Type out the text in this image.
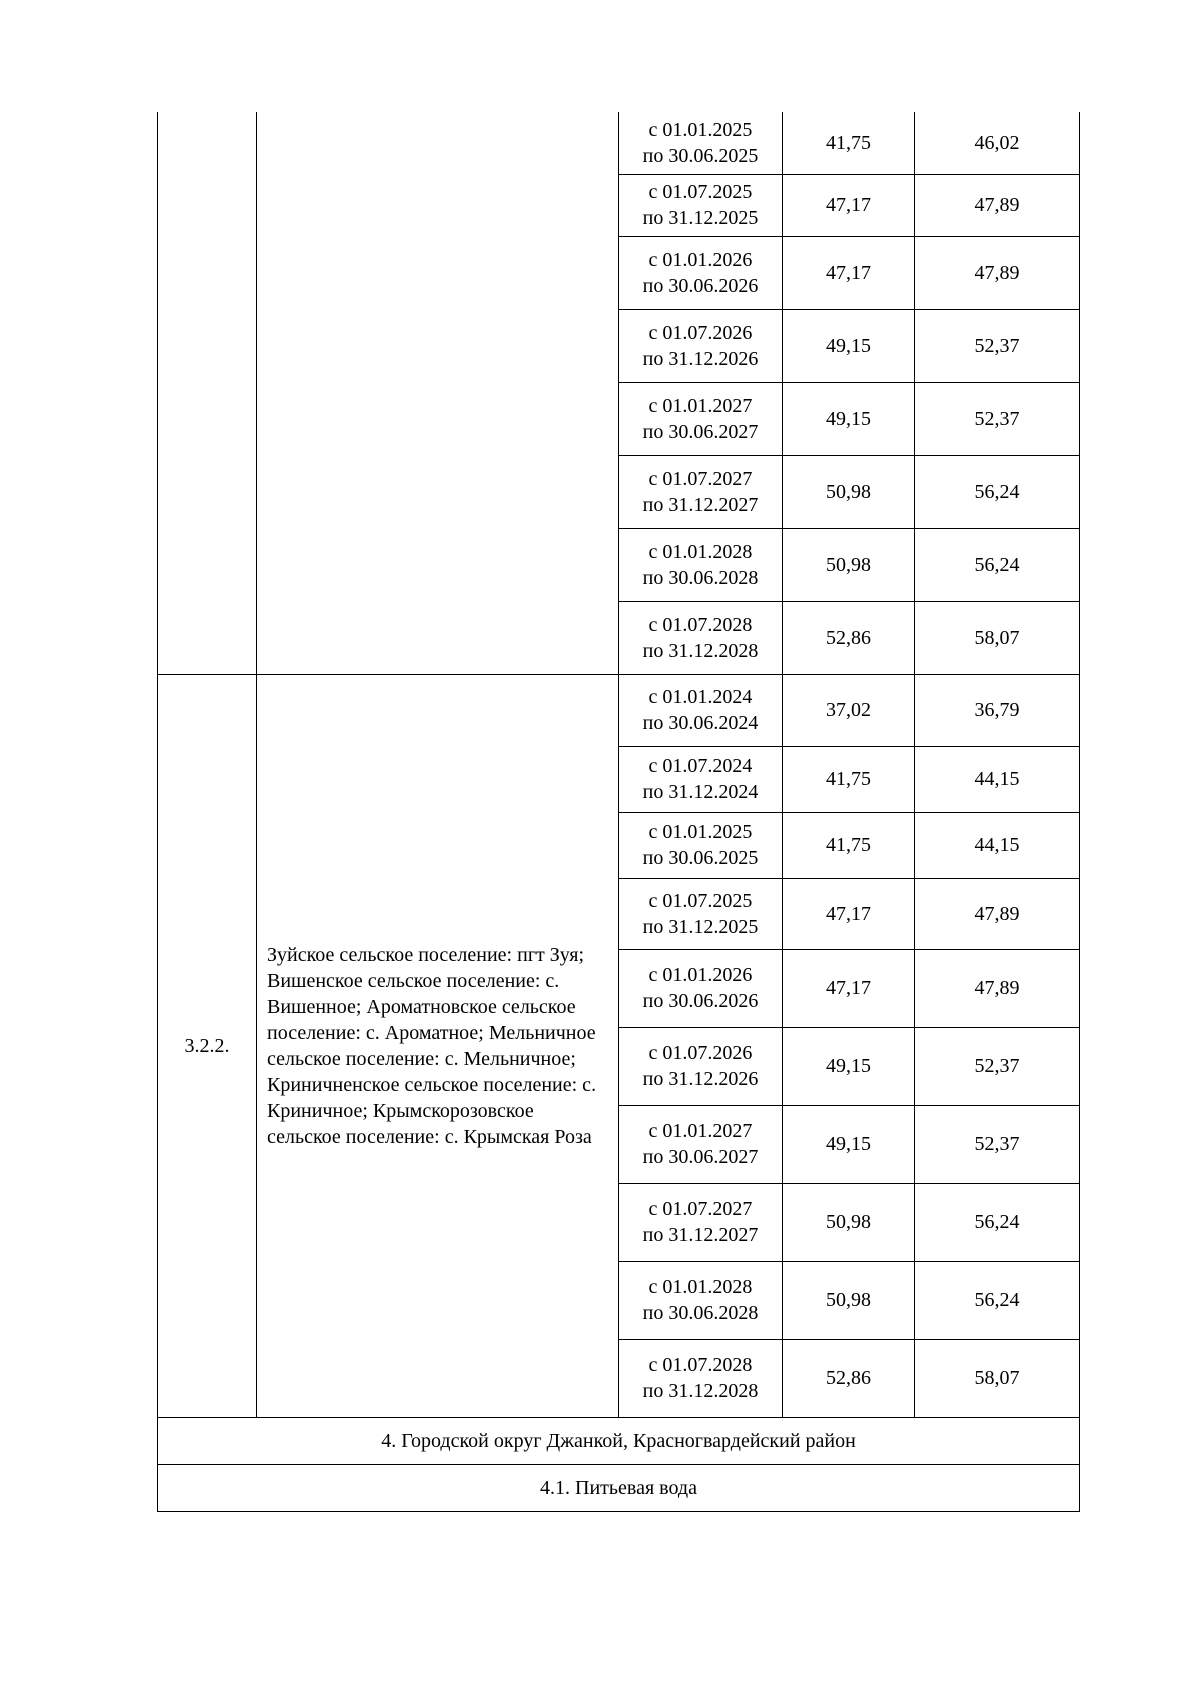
		с 01.01.2025
по 30.06.2025	41,75	46,02

		с 01.07.2025
по 31.12.2025	47,17	47,89

		с 01.01.2026
по 30.06.2026	47,17	47,89

		с 01.07.2026
по 31.12.2026	49,15	52,37

		с 01.01.2027
по 30.06.2027	49,15	52,37

		с 01.07.2027
по 31.12.2027	50,98	56,24

		с 01.01.2028
по 30.06.2028	50,98	56,24

		с 01.07.2028
по 31.12.2028	52,86	58,07
3.2.2.	Зуйское сельское поселение: пгт Зуя; Вишенское сельское поселение: с. Вишенное; Ароматновское сельское поселение: с. Ароматное; Мельничное сельское поселение: с. Мельничное; Криничненское сельское поселение: с. Криничное; Крымскорозовское сельское поселение: с. Крымская Роза	с 01.01.2024
по 30.06.2024	37,02	36,79

		с 01.07.2024
по 31.12.2024	41,75	44,15

		с 01.01.2025
по 30.06.2025	41,75	44,15

		с 01.07.2025
по 31.12.2025	47,17	47,89

		с 01.01.2026
по 30.06.2026	47,17	47,89

		с 01.07.2026
по 31.12.2026	49,15	52,37

		с 01.01.2027
по 30.06.2027	49,15	52,37

		с 01.07.2027
по 31.12.2027	50,98	56,24

		с 01.01.2028
по 30.06.2028	50,98	56,24

		с 01.07.2028
по 31.12.2028	52,86	58,07
4. Городской округ Джанкой, Красногвардейский район				
4.1. Питьевая вода				
